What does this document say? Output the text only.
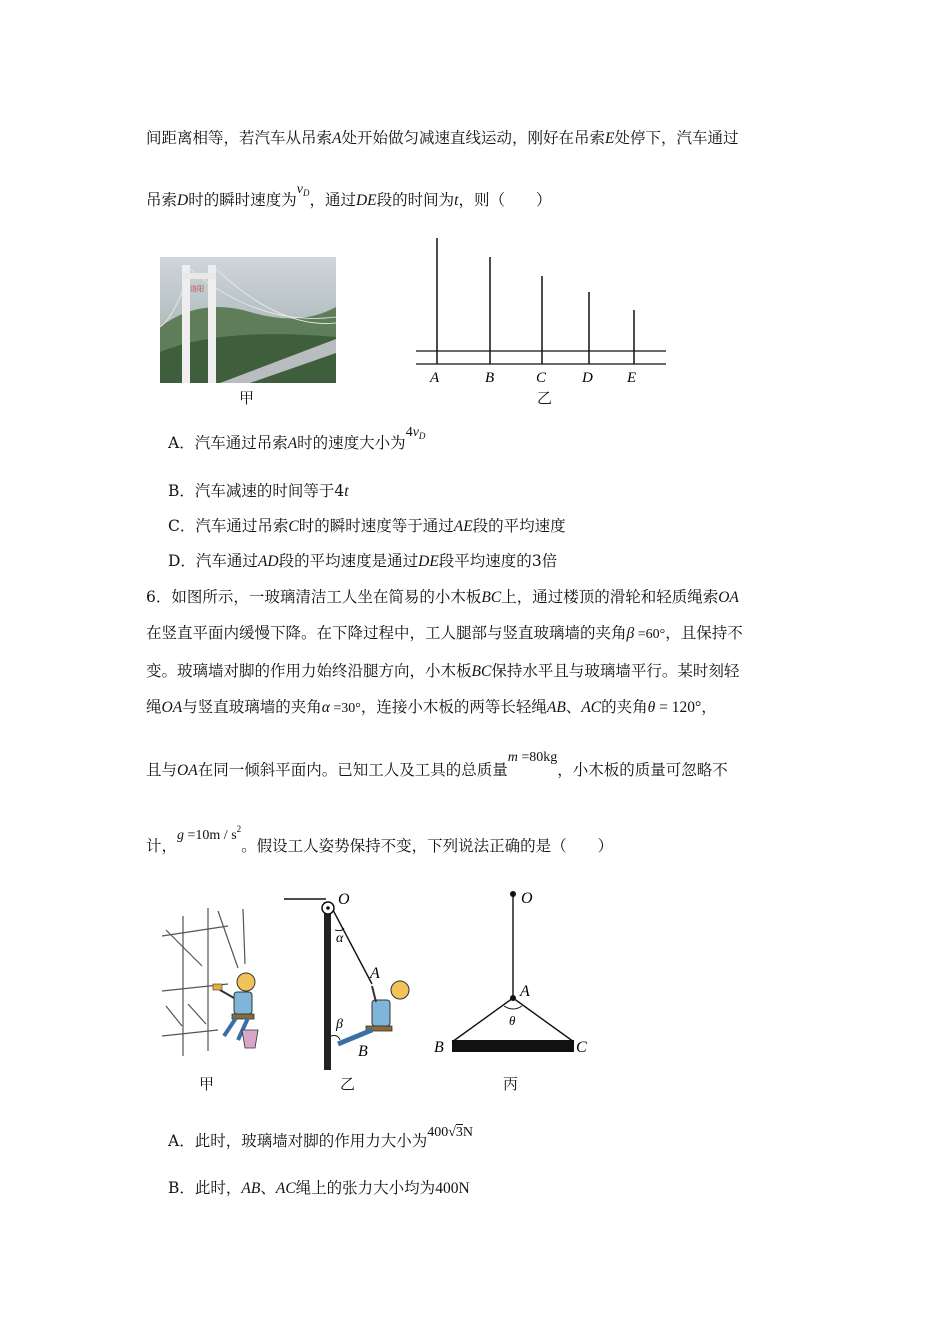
间距离相等，若汽车从吊索A处开始做匀减速直线运动，刚好在吊索E处停下，汽车通过
吊索D时的瞬时速度为$v_D$，通过DE段的时间为t，则（　　）
洛阳
甲
A	B	C D E
乙
A．汽车通过吊索A时的速度大小为$4v_D$
B．汽车减速的时间等于4t
C．汽车通过吊索C时的瞬时速度等于通过AE段的平均速度
D．汽车通过AD段的平均速度是通过DE段平均速度的3倍
6．如图所示，一玻璃清洁工人坐在简易的小木板BC上，通过楼顶的滑轮和轻质绳索OA
在竖直平面内缓慢下降。在下降过程中，工人腿部与竖直玻璃墙的夹角β =60°，且保持不
变。玻璃墙对脚的作用力始终沿腿方向，小木板BC保持水平且与玻璃墙平行。某时刻轻
绳OA与竖直玻璃墙的夹角α =30°，连接小木板的两等长轻绳AB、AC的夹角θ = 120°，
且与OA在同一倾斜平面内。已知工人及工具的总质量m =80kg，小木板的质量可忽略不
计，$g =10m / s^2$。假设工人姿势保持不变，下列说法正确的是（　　）
甲
O
α
A
β
B
乙
O
A
θ
B	C
丙
A．此时，玻璃墙对脚的作用力大小为400√3N
B．此时，AB、AC绳上的张力大小均为400N
